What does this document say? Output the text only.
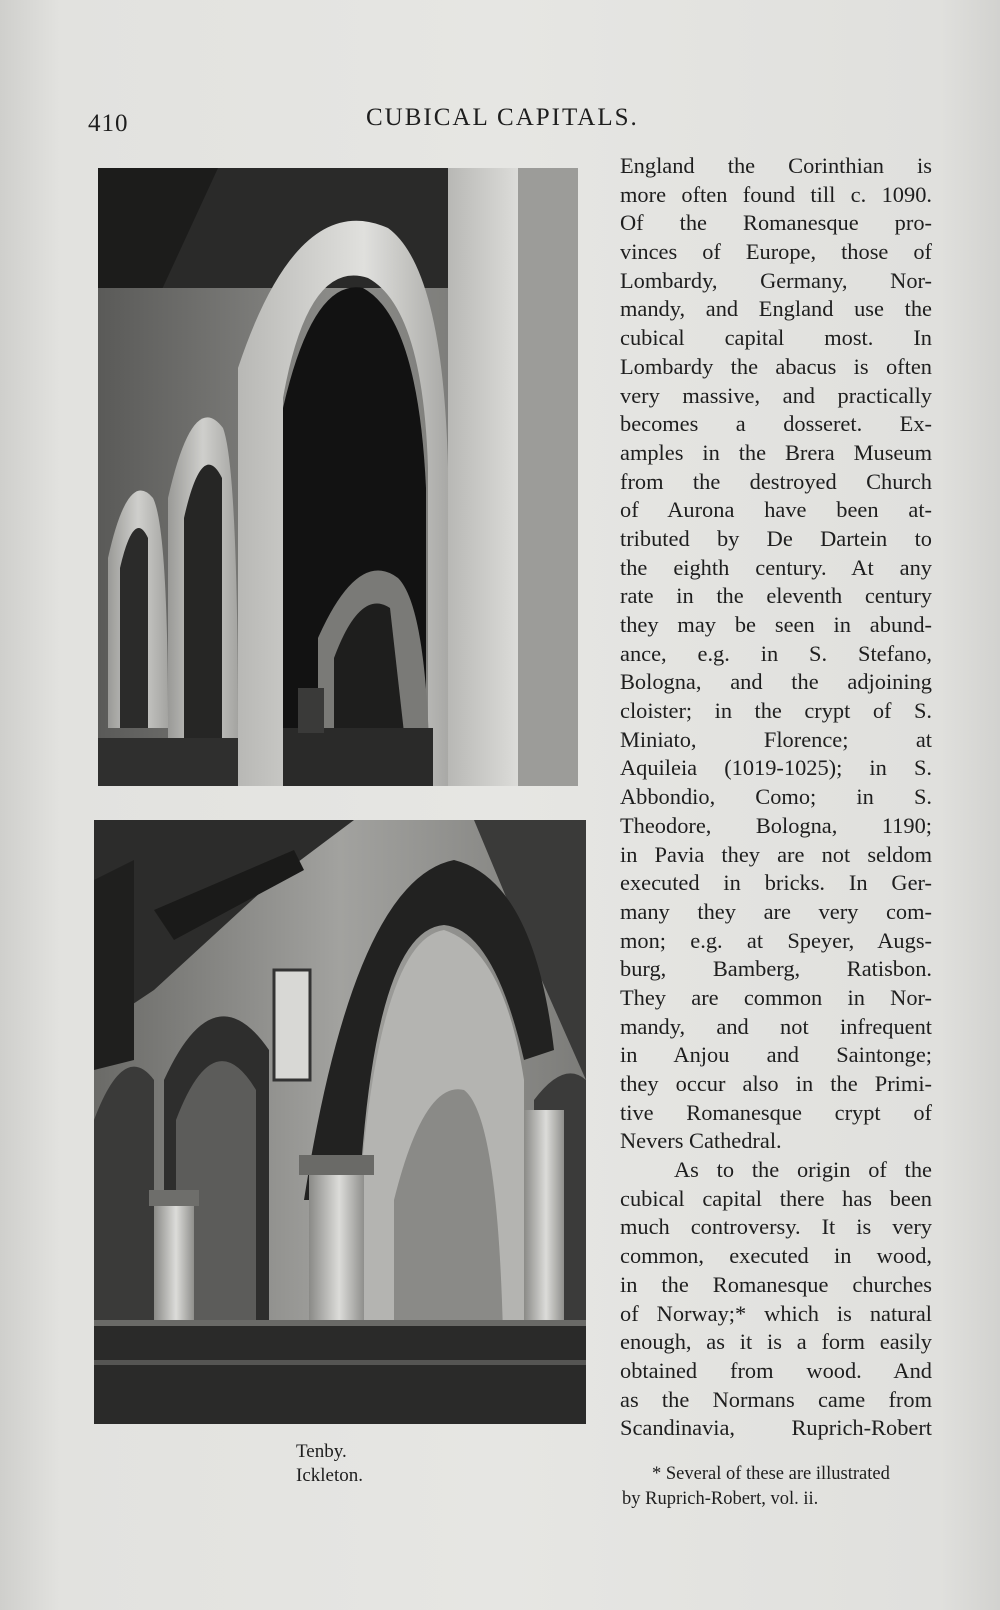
410	CUBICAL CAPITALS.
Tenby.
Ickleton.
England the Corinthian is
more often found till c. 1090.
Of the Romanesque pro-
vinces of Europe, those of
Lombardy, Germany, Nor-
mandy, and England use the
cubical capital most. In
Lombardy the abacus is often
very massive, and practically
becomes a dosseret. Ex-
amples in the Brera Museum
from the destroyed Church
of Aurona have been at-
tributed by De Dartein to
the eighth century. At any
rate in the eleventh century
they may be seen in abund-
ance, e.g. in S. Stefano,
Bologna, and the adjoining
cloister; in the crypt of S.
Miniato, Florence; at
Aquileia (1019-1025); in S.
Abbondio, Como; in S.
Theodore, Bologna, 1190;
in Pavia they are not seldom
executed in bricks. In Ger-
many they are very com-
mon; e.g. at Speyer, Augs-
burg, Bamberg, Ratisbon.
They are common in Nor-
mandy, and not infrequent
in Anjou and Saintonge;
they occur also in the Primi-
tive Romanesque crypt of
Nevers Cathedral.
As to the origin of the
cubical capital there has been
much controversy. It is very
common, executed in wood,
in the Romanesque churches
of Norway;* which is natural
enough, as it is a form easily
obtained from wood. And
as the Normans came from
Scandinavia, Ruprich-Robert
* Several of these are illustrated
by Ruprich-Robert, vol. ii.
